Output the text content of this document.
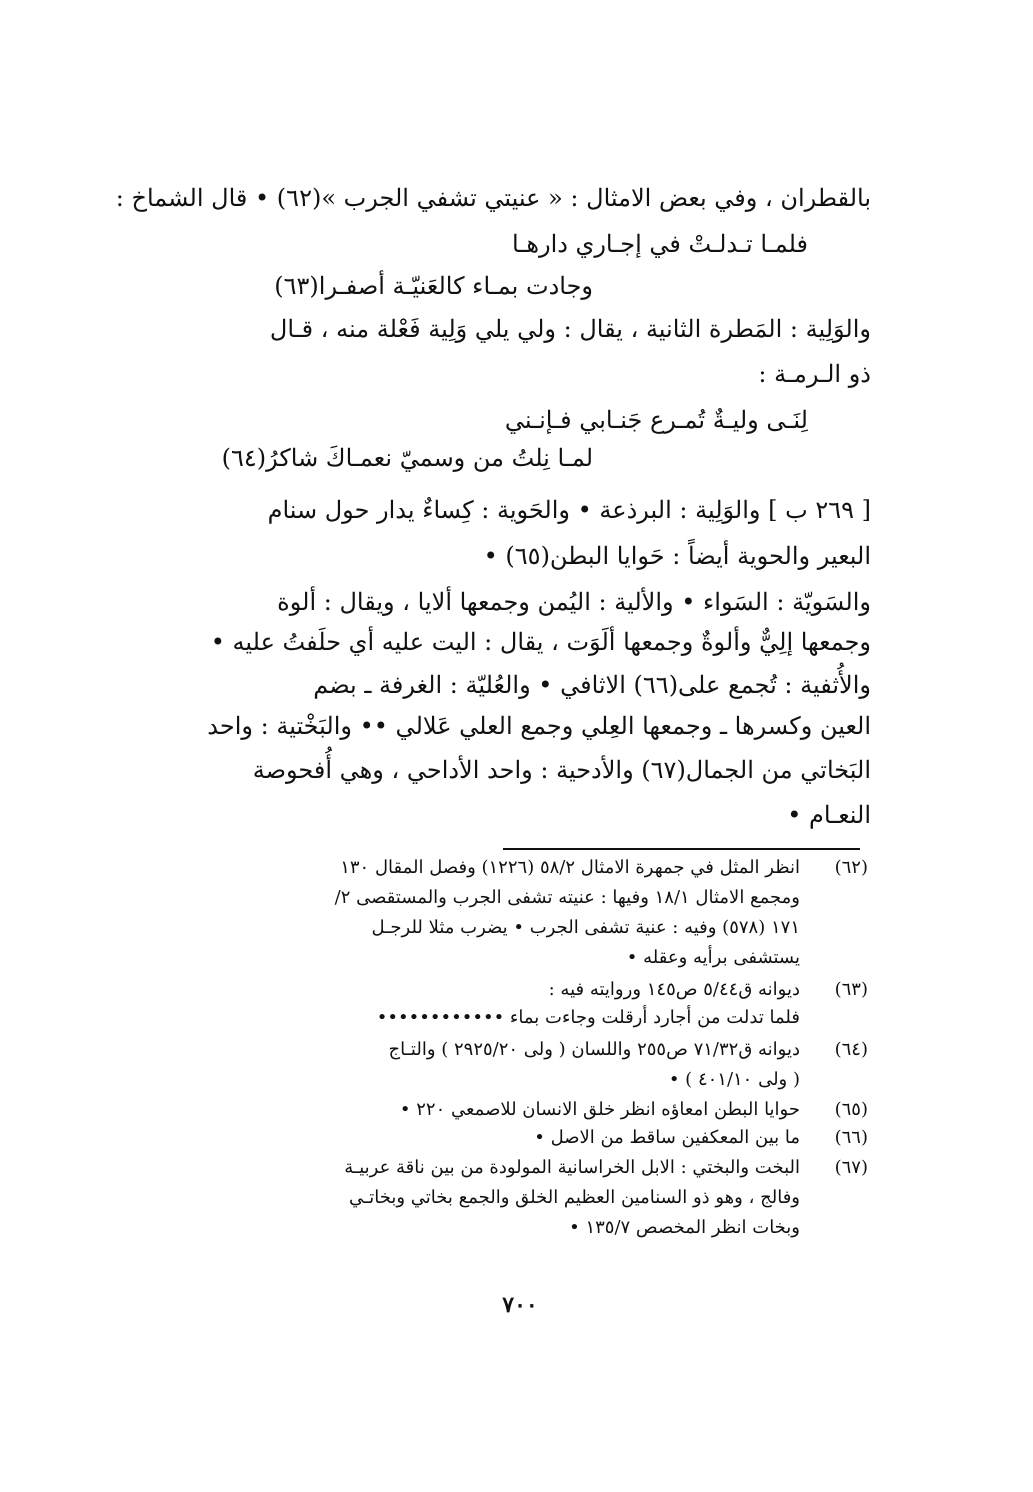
بالقطران ، وفي بعض الامثال : « عنيتي تشفي الجرب »(٦٢) • قال الشماخ :
فلمـا تـدلـتْ في إجـاري دارهـا
وجادت بمـاء كالعَنيّـة أصفـرا(٦٣)
والوَلِية : المَطرة الثانية ، يقال : ولي يلي وَلِية فَعْلة منه ، قـال
ذو الـرمـة :
لِنَـى وليـةٌ تُمـرع جَنـابي فـإنـني
لمـا نِلتُ من وسميّ نعمـاكَ شاكرُ(٦٤)
[ ٢٦٩ ب ] والوَلِية : البرذعة • والحَوية : كِساءٌ يدار حول سنام
البعير والحوية أيضاً : حَوايا البطن(٦٥) •
والسَويّة : السَواء • والألية : اليُمن وجمعها ألايا ، ويقال : ألوة
وجمعها إلِيٌّ وألوةٌ وجمعها ألَوَت ، يقال : اليت عليه أي حلَفتُ عليه •
والأُثفية : تُجمع على(٦٦) الاثافي • والعُليّة : الغرفة ـ بضم
العين وكسرها ـ وجمعها العِلي وجمع العلي عَلالي •• والبَخْتية : واحد
البَخاتي من الجمال(٦٧) والأدحية : واحد الأداحي ، وهي أُفحوصة
النعـام •
(٦٢)
انظر المثل في جمهرة الامثال ٥٨/٢ (١٢٢٦) وفصل المقال ١٣٠
ومجمع الامثال ١٨/١ وفيها : عنيته تشفى الجرب والمستقصى ٢/
١٧١ (٥٧٨) وفيه : عنية تشفى الجرب • يضرب مثلا للرجـل
يستشفى برأيه وعقله •
(٦٣)
ديوانه ق٥/٤٤ ص١٤٥ وروايته فيه :
فلما تدلت من أجارد أرقلت وجاءت بماء ••••••••••••
(٦٤)
ديوانه ق٧١/٣٢ ص٢٥٥ واللسان ( ولى ٢٩٢٥/٢٠ ) والتـاج
( ولى ٤٠١/١٠ ) •
(٦٥)
حوايا البطن امعاؤه انظر خلق الانسان للاصمعي ٢٢٠ •
(٦٦)
ما بين المعكفين ساقط من الاصل •
(٦٧)
البخت والبختي : الابل الخراسانية المولودة من بين ناقة عربيـة
وفالج ، وهو ذو السنامين العظيم الخلق والجمع بخاتي وبخاتـي
وبخات انظر المخصص ١٣٥/٧ •
٧٠٠
